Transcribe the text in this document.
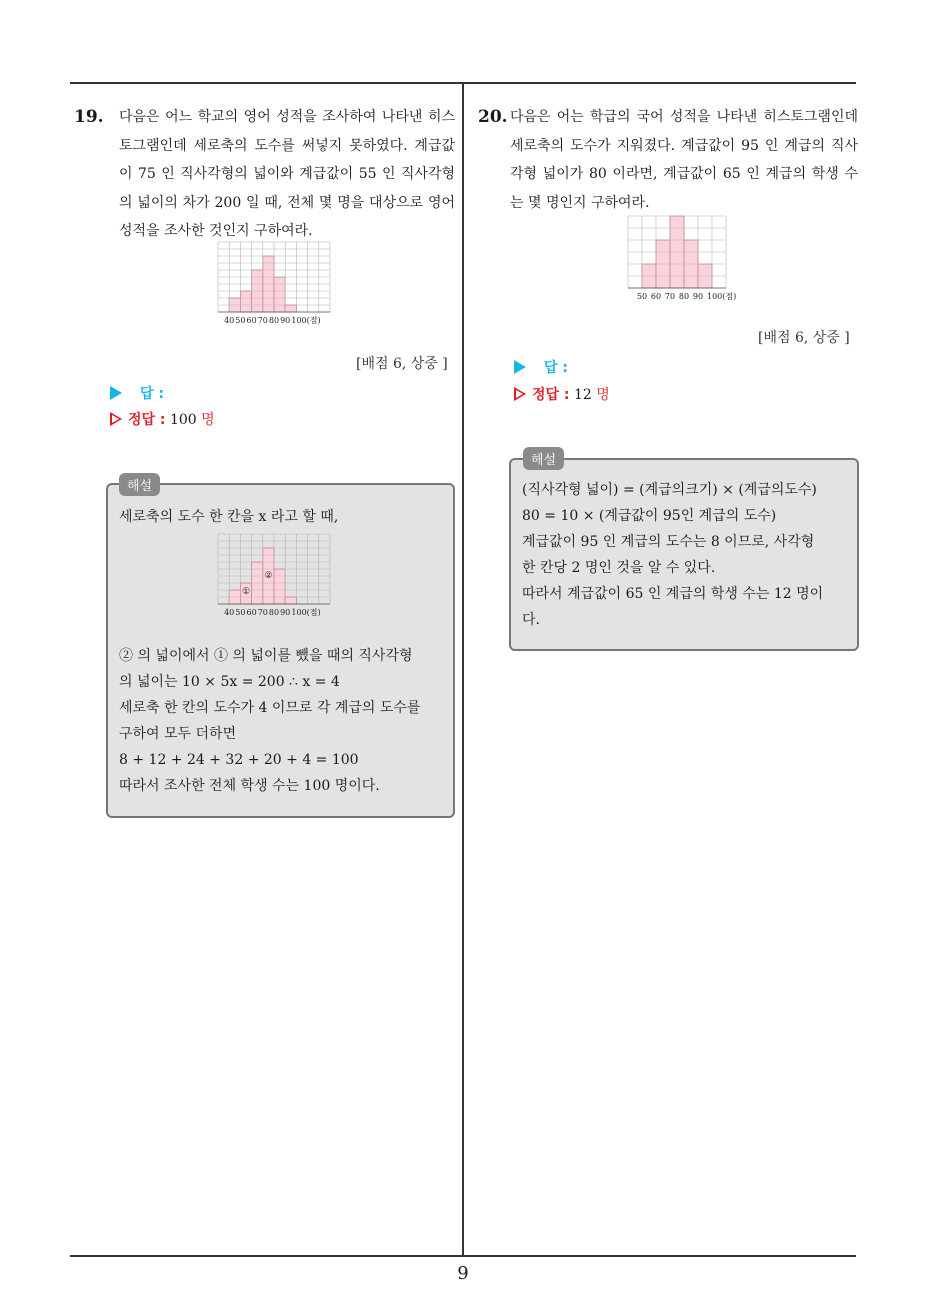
19. 다음은 어느 학교의 영어 성적을 조사하여 나타낸 히스토그램인데 세로축의 도수를 써넣지 못하였다. 계급값이 75 인 직사각형의 넓이와 계급값이 55 인 직사각형의 넓이의 차가 200 일 때, 전체 몇 명을 대상으로 영어 성적을 조사한 것인지 구하여라.
40 50 60 70 80 90 100(점)
[배점 6, 상중 ]
답 :
정답 : 100 명
해설
세로축의 도수 한 칸을 x 라고 할 때,
40 50 60 70 80 90 100(점)
①
②
② 의 넓이에서 ① 의 넓이를 뺐을 때의 직사각형
의 넓이는 10 × 5x = 200 ∴ x = 4
세로축 한 칸의 도수가 4 이므로 각 계급의 도수를
구하여 모두 더하면
8 + 12 + 24 + 32 + 20 + 4 = 100
따라서 조사한 전체 학생 수는 100 명이다.
20. 다음은 어는 학급의 국어 성적을 나타낸 히스토그램인데 세로축의 도수가 지워졌다. 계급값이 95 인 계급의 직사각형 넓이가 80 이라면, 계급값이 65 인 계급의 학생 수는 몇 명인지 구하여라.
50 60 70 80 90 100(점)
[배점 6, 상중 ]
답 :
정답 : 12 명
해설
(직사각형 넓이) = (계급의크기) × (계급의도수)
80 = 10 × (계급값이 95인 계급의 도수)
계급값이 95 인 계급의 도수는 8 이므로, 사각형
한 칸당 2 명인 것을 알 수 있다.
따라서 계급값이 65 인 계급의 학생 수는 12 명이
다.
9
